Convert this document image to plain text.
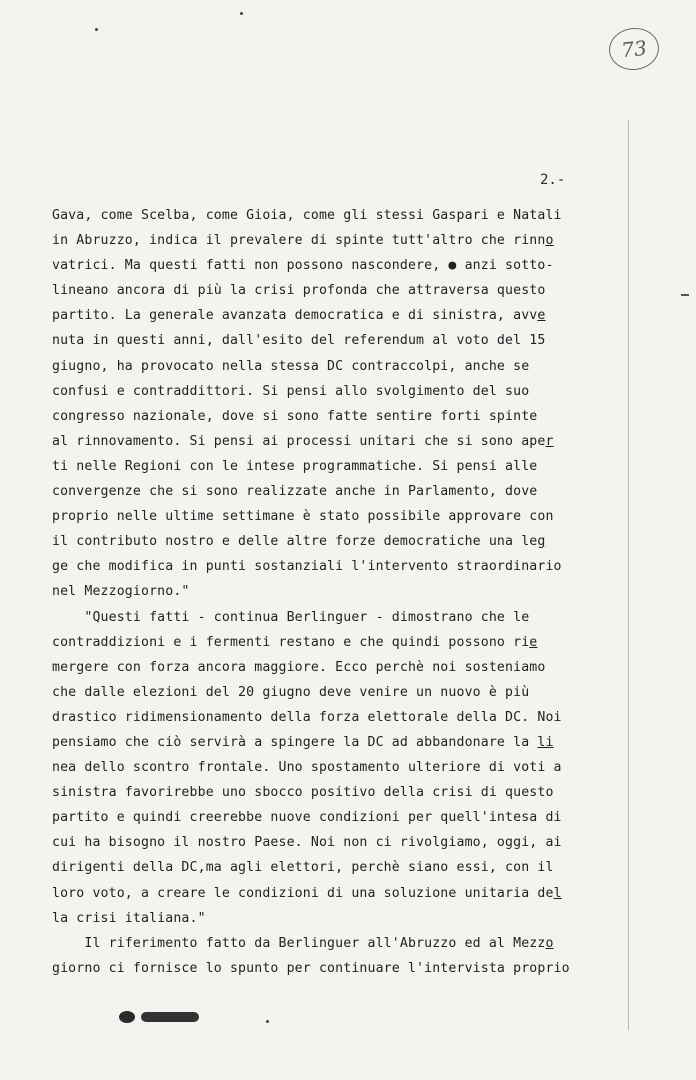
73
2.-
Gava, come Scelba, come Gioia, come gli stessi Gaspari e Natali
in Abruzzo, indica il prevalere di spinte tutt'altro che rinno
vatrici. Ma questi fatti non possono nascondere, ● anzi sotto-
lineano ancora di più la crisi profonda che attraversa questo
partito. La generale avanzata democratica e di sinistra, avve
nuta in questi anni, dall'esito del referendum al voto del 15
giugno, ha provocato nella stessa DC contraccolpi, anche se
confusi e contraddittori. Si pensi allo svolgimento del suo
congresso nazionale, dove si sono fatte sentire forti spinte
al rinnovamento. Si pensi ai processi unitari che si sono aper
ti nelle Regioni con le intese programmatiche. Si pensi alle
convergenze che si sono realizzate anche in Parlamento, dove
proprio nelle ultime settimane è stato possibile approvare con
il contributo nostro e delle altre forze democratiche una leg
ge che modifica in punti sostanziali l'intervento straordinario
nel Mezzogiorno."
"Questi fatti - continua Berlinguer - dimostrano che le
contraddizioni e i fermenti restano e che quindi possono rie
mergere con forza ancora maggiore. Ecco perchè noi sosteniamo
che dalle elezioni del 20 giugno deve venire un nuovo è più
drastico ridimensionamento della forza elettorale della DC. Noi
pensiamo che ciò servirà a spingere la DC ad abbandonare la li
nea dello scontro frontale. Uno spostamento ulteriore di voti a
sinistra favorirebbe uno sbocco positivo della crisi di questo
partito e quindi creerebbe nuove condizioni per quell'intesa di
cui ha bisogno il nostro Paese. Noi non ci rivolgiamo, oggi, ai
dirigenti della DC,ma agli elettori, perchè siano essi, con il
loro voto, a creare le condizioni di una soluzione unitaria del
la crisi italiana."
Il riferimento fatto da Berlinguer all'Abruzzo ed al Mezzo
giorno ci fornisce lo spunto per continuare l'intervista proprio
